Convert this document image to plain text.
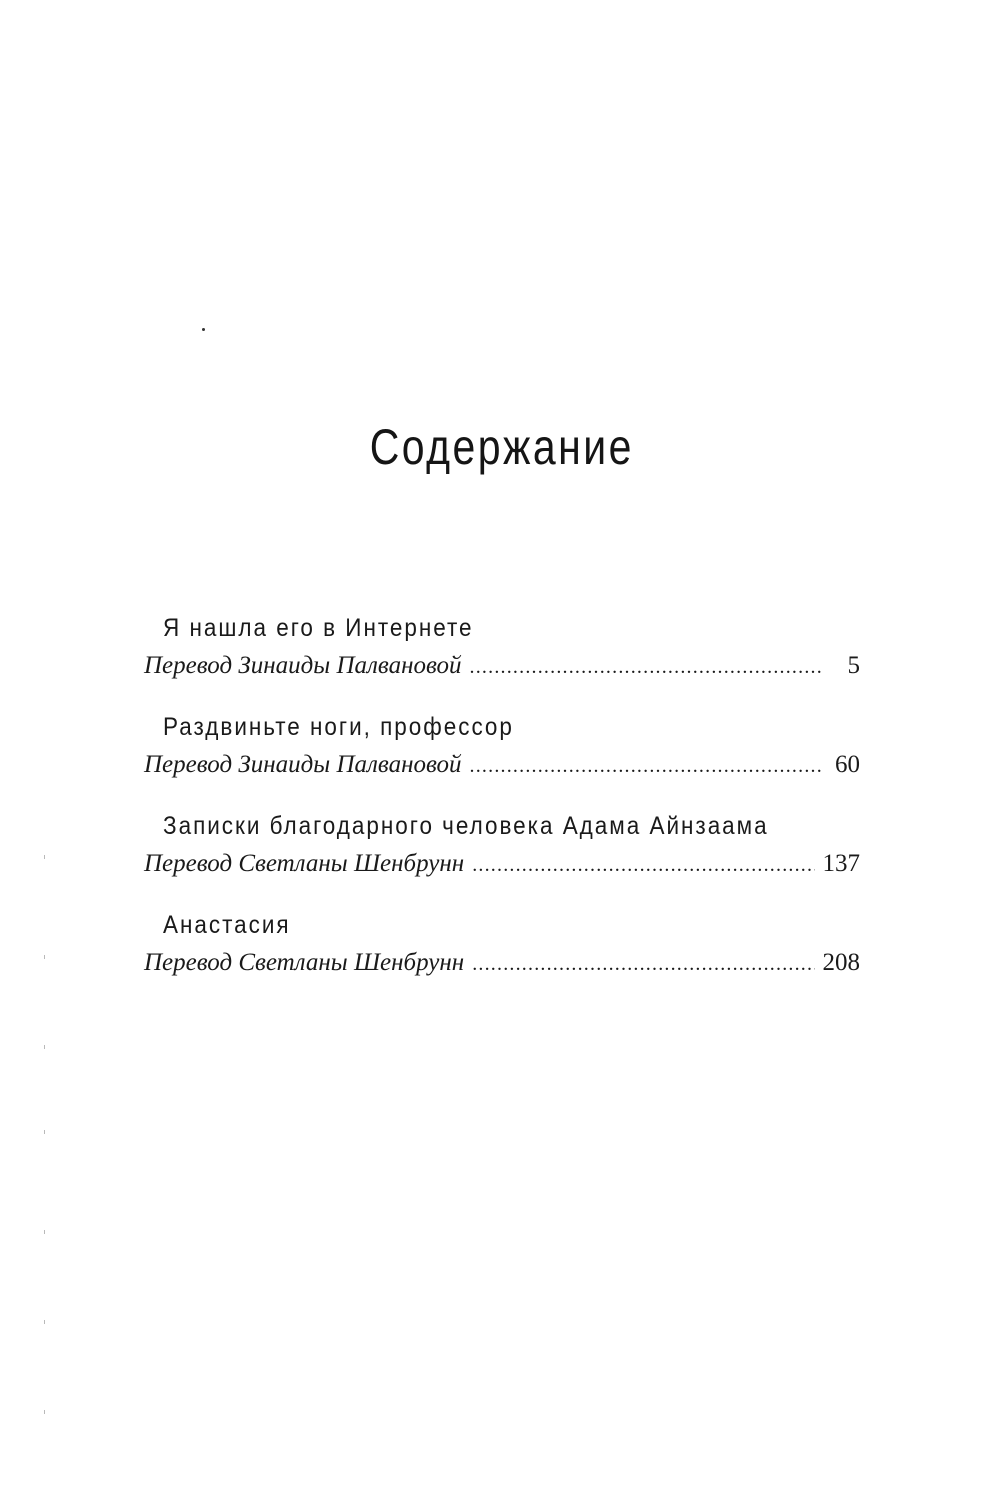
Содержание
Я нашла его в Интернете
Перевод Зинаиды Палвановой .....	5
Раздвиньте ноги, профессор
Перевод Зинаиды Палвановой .....	60
Записки благодарного человека Адама Айнзаама
Перевод Светланы Шенбрунн .....	137
Анастасия
Перевод Светланы Шенбрунн .....	208
